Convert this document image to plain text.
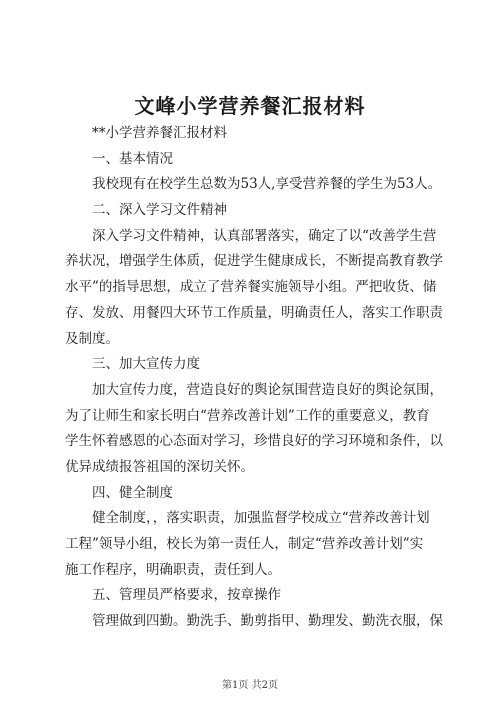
文峰小学营养餐汇报材料
**小学营养餐汇报材料
一、基本情况
我校现有在校学生总数为53人,享受营养餐的学生为53人。
二、深入学习文件精神
深入学习文件精神，认真部署落实，确定了以“改善学生营
养状况，增强学生体质，促进学生健康成长，不断提高教育教学
水平”的指导思想，成立了营养餐实施领导小组。严把收货、储
存、发放、用餐四大环节工作质量，明确责任人，落实工作职责
及制度。
三、加大宣传力度
加大宣传力度，营造良好的舆论氛围营造良好的舆论氛围，
为了让师生和家长明白“营养改善计划”工作的重要意义，教育
学生怀着感恩的心态面对学习，珍惜良好的学习环境和条件，以
优异成绩报答祖国的深切关怀。
四、健全制度
健全制度，，落实职责，加强监督学校成立“营养改善计划
工程”领导小组，校长为第一责任人，制定“营养改善计划”实
施工作程序，明确职责，责任到人。
五、管理员严格要求，按章操作
管理做到四勤。勤洗手、勤剪指甲、勤理发、勤洗衣服，保
第1页 共2页
